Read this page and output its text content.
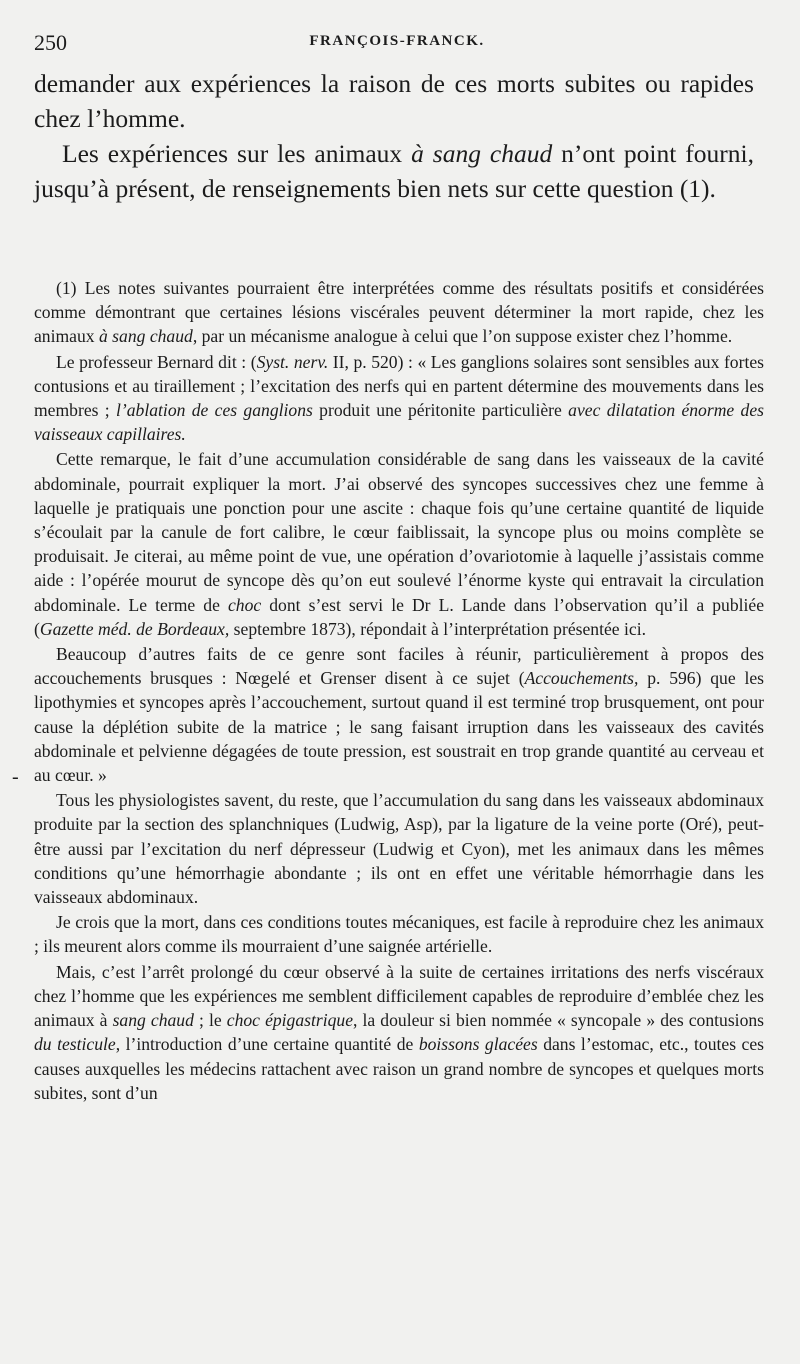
250	FRANÇOIS-FRANCK.

demander aux expériences la raison de ces morts subites ou rapides chez l’homme.

Les expériences sur les animaux à sang chaud n’ont point fourni, jusqu’à présent, de renseignements bien nets sur cette question (1).

(1) Les notes suivantes pourraient être interprétées comme des résultats positifs et considérées comme démontrant que certaines lésions viscérales peuvent déterminer la mort rapide, chez les animaux à sang chaud, par un mécanisme analogue à celui que l’on suppose exister chez l’homme.

Le professeur Bernard dit : (Syst. nerv. II, p. 520) : « Les ganglions solaires sont sensibles aux fortes contusions et au tiraillement ; l’excitation des nerfs qui en partent détermine des mouvements dans les membres ; l’ablation de ces ganglions produit une péritonite particulière avec dilatation énorme des vaisseaux capillaires.

Cette remarque, le fait d’une accumulation considérable de sang dans les vaisseaux de la cavité abdominale, pourrait expliquer la mort. J’ai observé des syncopes successives chez une femme à laquelle je pratiquais une ponction pour une ascite : chaque fois qu’une certaine quantité de liquide s’écoulait par la canule de fort calibre, le cœur faiblissait, la syncope plus ou moins complète se produisait. Je citerai, au même point de vue, une opération d’ovariotomie à laquelle j’assistais comme aide : l’opérée mourut de syncope dès qu’on eut soulevé l’énorme kyste qui entravait la circulation abdominale. Le terme de choc dont s’est servi le Dr L. Lande dans l’observation qu’il a publiée (Gazette méd. de Bordeaux, septembre 1873), répondait à l’interprétation présentée ici.

Beaucoup d’autres faits de ce genre sont faciles à réunir, particulièrement à propos des accouchements brusques : Nœgelé et Grenser disent à ce sujet (Accouchements, p. 596) que les lipothymies et syncopes après l’accouchement, surtout quand il est terminé trop brusquement, ont pour cause la déplétion subite de la matrice ; le sang faisant irruption dans les vaisseaux des cavités abdominale et pelvienne dégagées de toute pression, est soustrait en trop grande quantité au cerveau et au cœur. »

Tous les physiologistes savent, du reste, que l’accumulation du sang dans les vaisseaux abdominaux produite par la section des splanchniques (Ludwig, Asp), par la ligature de la veine porte (Oré), peut-être aussi par l’excitation du nerf dépresseur (Ludwig et Cyon), met les animaux dans les mêmes conditions qu’une hémorrhagie abondante ; ils ont en effet une véritable hémorrhagie dans les vaisseaux abdominaux.

Je crois que la mort, dans ces conditions toutes mécaniques, est facile à reproduire chez les animaux ; ils meurent alors comme ils mourraient d’une saignée artérielle.

Mais, c’est l’arrêt prolongé du cœur observé à la suite de certaines irritations des nerfs viscéraux chez l’homme que les expériences me semblent difficilement capables de reproduire d’emblée chez les animaux à sang chaud ; le choc épigastrique, la douleur si bien nommée « syncopale » des contusions du testicule, l’introduction d’une certaine quantité de boissons glacées dans l’estomac, etc., toutes ces causes auxquelles les médecins rattachent avec raison un grand nombre de syncopes et quelques morts subites, sont d’un

-
